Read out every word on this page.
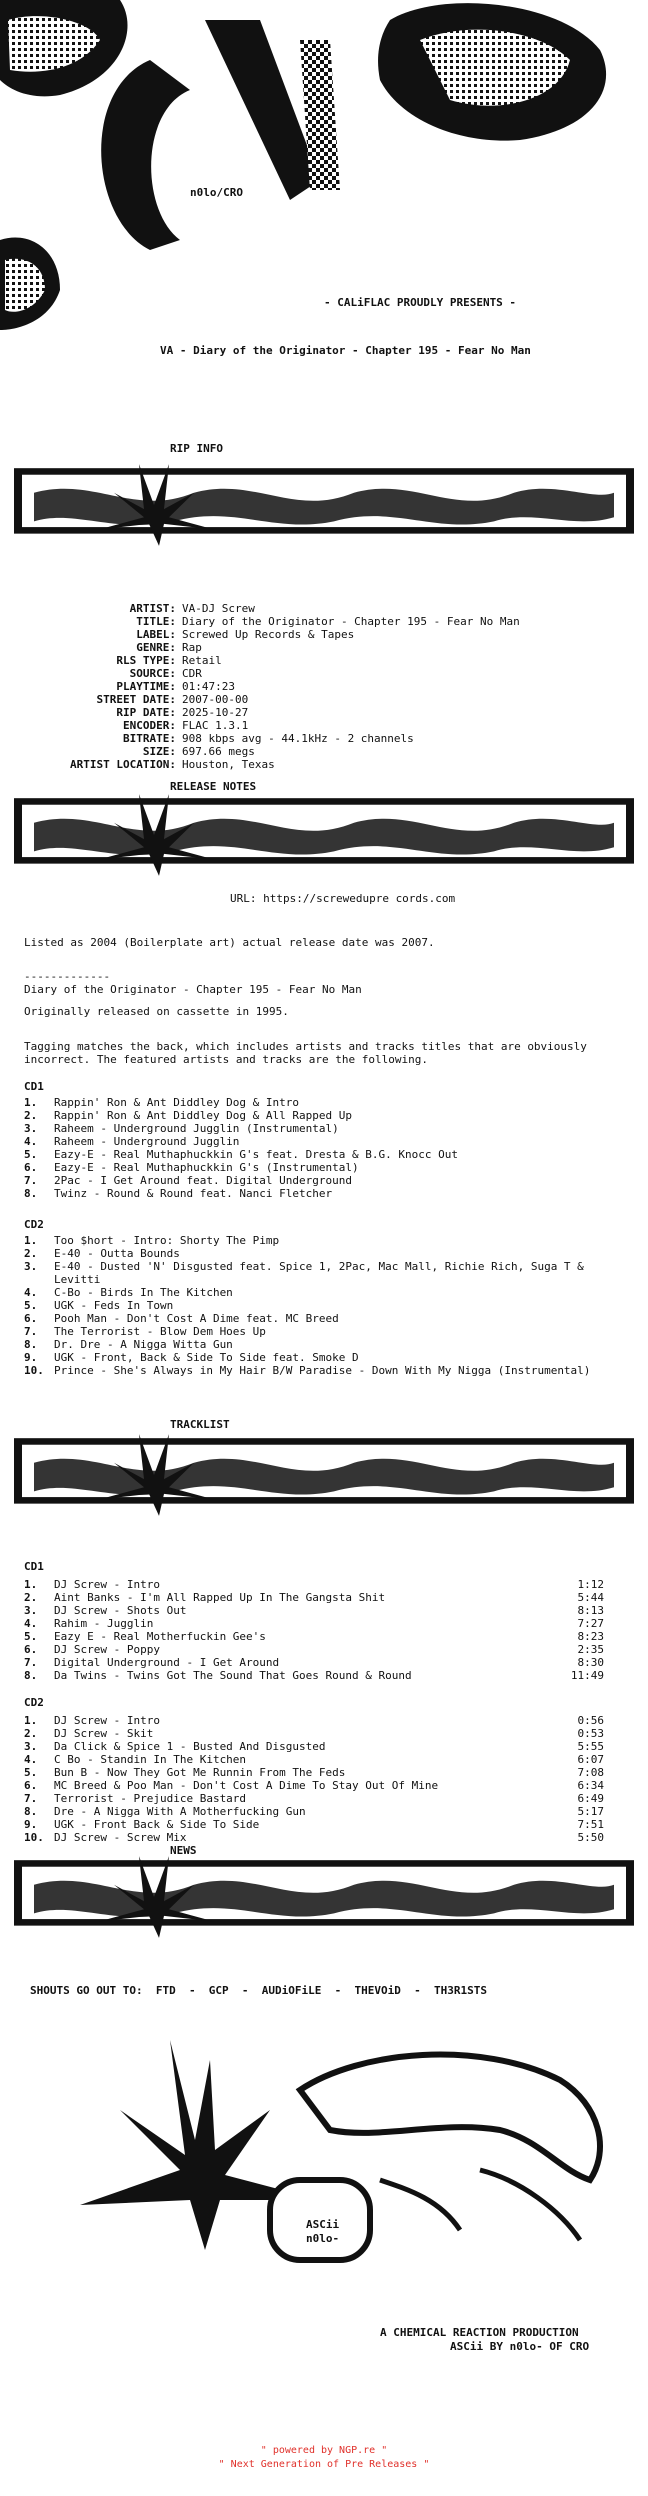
n0lo/CRO
- CALiFLAC PROUDLY PRESENTS -
VA - Diary of the Originator - Chapter 195 - Fear No Man
RIP INFO
ARTIST: VA-DJ Screw
TITLE: Diary of the Originator - Chapter 195 - Fear No Man
LABEL: Screwed Up Records & Tapes
GENRE: Rap
RLS TYPE: Retail
SOURCE: CDR
PLAYTIME: 01:47:23
STREET DATE: 2007-00-00
RIP DATE: 2025-10-27
ENCODER: FLAC 1.3.1
BITRATE: 908 kbps avg - 44.1kHz - 2 channels
SIZE: 697.66 megs
ARTIST LOCATION: Houston, Texas
RELEASE NOTES
URL: https://screwedupre cords.com
Listed as 2004 (Boilerplate art) actual release date was 2007.
-------------
Diary of the Originator - Chapter 195 - Fear No Man
Originally released on cassette in 1995.
Tagging matches the back, which includes artists and tracks titles that are obviously incorrect. The featured artists and tracks are the following.
CD1
1.	Rappin' Ron & Ant Diddley Dog & Intro
2.	Rappin' Ron & Ant Diddley Dog & All Rapped Up
3.	Raheem - Underground Jugglin (Instrumental)
4.	Raheem - Underground Jugglin
5.	Eazy-E - Real Muthaphuckkin G's feat. Dresta & B.G. Knocc Out
6.	Eazy-E - Real Muthaphuckkin G's (Instrumental)
7.	2Pac - I Get Around feat. Digital Underground
8.	Twinz - Round & Round feat. Nanci Fletcher
CD2
1.	Too $hort - Intro: Shorty The Pimp
2.	E-40 - Outta Bounds
3.	E-40 - Dusted 'N' Disgusted feat. Spice 1, 2Pac, Mac Mall, Richie Rich, Suga T & Levitti
4.	C-Bo - Birds In The Kitchen
5.	UGK - Feds In Town
6.	Pooh Man - Don't Cost A Dime feat. MC Breed
7.	The Terrorist - Blow Dem Hoes Up
8.	Dr. Dre - A Nigga Witta Gun
9.	UGK - Front, Back & Side To Side feat. Smoke D
10. Prince - She's Always in My Hair B/W Paradise - Down With My Nigga (Instrumental)
TRACKLIST
CD1
1.	DJ Screw - Intro	1:12
2.	Aint Banks - I'm All Rapped Up In The Gangsta Shit	5:44
3.	DJ Screw - Shots Out	8:13
4.	Rahim - Jugglin	7:27
5.	Eazy E - Real Motherfuckin Gee's	8:23
6.	DJ Screw - Poppy	2:35
7.	Digital Underground - I Get Around	8:30
8.	Da Twins - Twins Got The Sound That Goes Round & Round	11:49
CD2
1.	DJ Screw - Intro	0:56
2.	DJ Screw - Skit	0:53
3.	Da Click & Spice 1 - Busted And Disgusted	5:55
4.	C Bo - Standin In The Kitchen	6:07
5.	Bun B - Now They Got Me Runnin From The Feds	7:08
6.	MC Breed & Poo Man - Don't Cost A Dime To Stay Out Of Mine	6:34
7.	Terrorist - Prejudice Bastard	6:49
8.	Dre - A Nigga With A Motherfucking Gun	5:17
9.	UGK - Front Back & Side To Side	7:51
10. DJ Screw - Screw Mix	5:50
NEWS
SHOUTS GO OUT TO:  FTD  -  GCP  -  AUDiOFiLE  -  THEVOiD  -  TH3R1STS
ASCii
n0lo-
A CHEMICAL REACTION PRODUCTION
ASCii BY n0lo- OF CRO
" powered by NGP.re "
" Next Generation of Pre Releases "
